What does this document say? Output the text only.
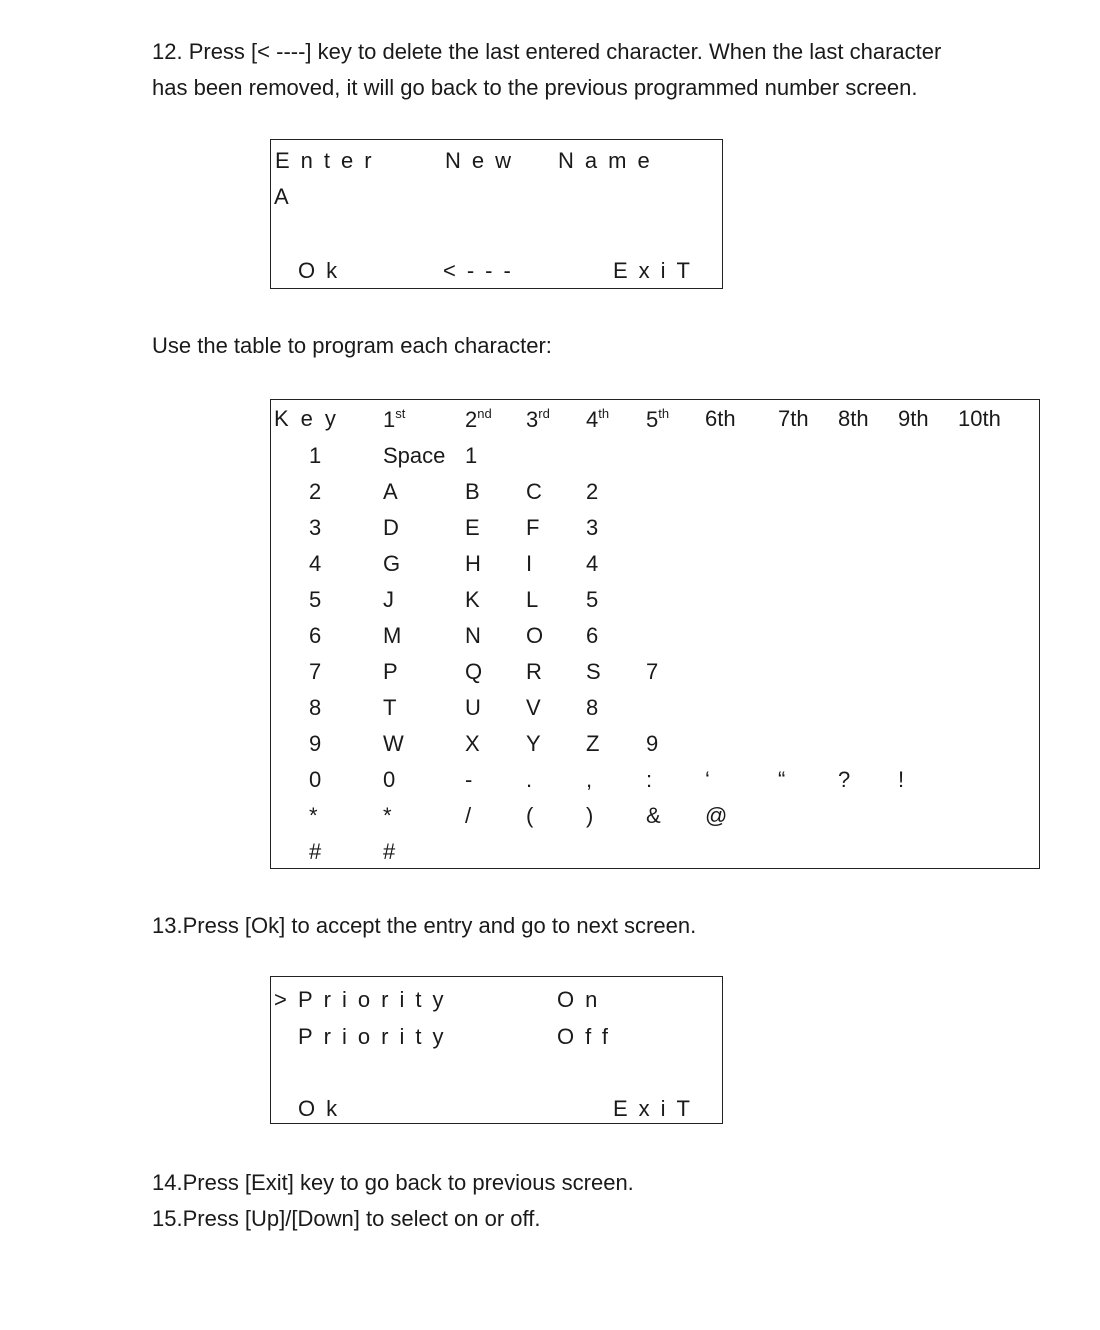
12. Press [< ----] key to delete the last entered character. When the last character

has been removed, it will go back to the previous programmed number screen.

Enter	New Name
A
Ok	<---	ExiT

Use the table to program each character:

Key 1st	2nd 3rd 4th 5th 6th 7th 8th 9th 10th
1	Space 1
2	A	B C 2
3	D	E F 3
4	G	H I 4
5	J	K L 5
6	M	N O 6
7	P	Q R S 7
8	T	U V 8
9	W	X Y Z 9
0	0	- . , : ‘	“ ? !
*	*	/ ( ) & @
#	#

13.Press [Ok] to accept the entry and go to next screen.

> Priority	On
Priority	Off
Ok	ExiT

14.Press [Exit] key to go back to previous screen.

15.Press [Up]/[Down] to select on or off.
